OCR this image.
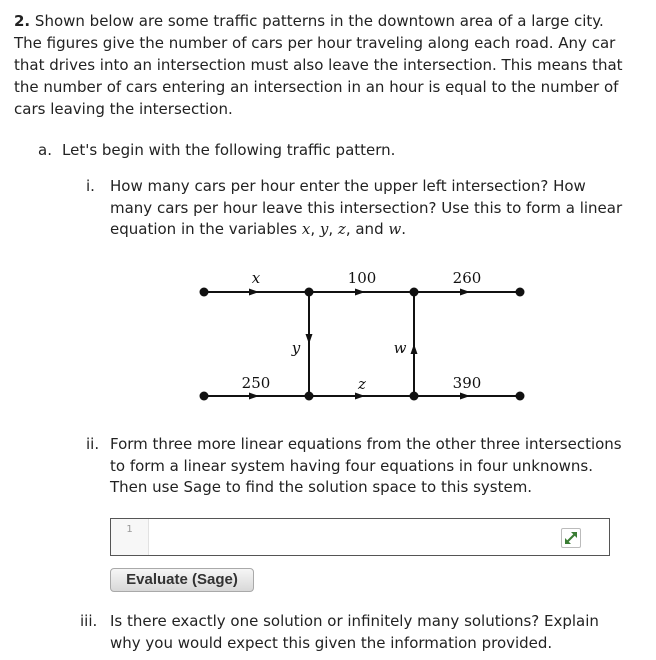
2. Shown below are some traffic patterns in the downtown area of a large city. The figures give the number of cars per hour traveling along each road. Any car that drives into an intersection must also leave the intersection. This means that the number of cars entering an intersection in an hour is equal to the number of cars leaving the intersection.

a. Let's begin with the following traffic pattern.
i. How many cars per hour enter the upper left intersection? How many cars per hour leave this intersection? Use this to form a linear equation in the variables x, y, z, and w.
x	100	260
y	w
250	z	390
ii. Form three more linear equations from the other three intersections to form a linear system having four equations in four unknowns. Then use Sage to find the solution space to this system.
1
Evaluate (Sage)
iii. Is there exactly one solution or infinitely many solutions? Explain why you would expect this given the information provided.
